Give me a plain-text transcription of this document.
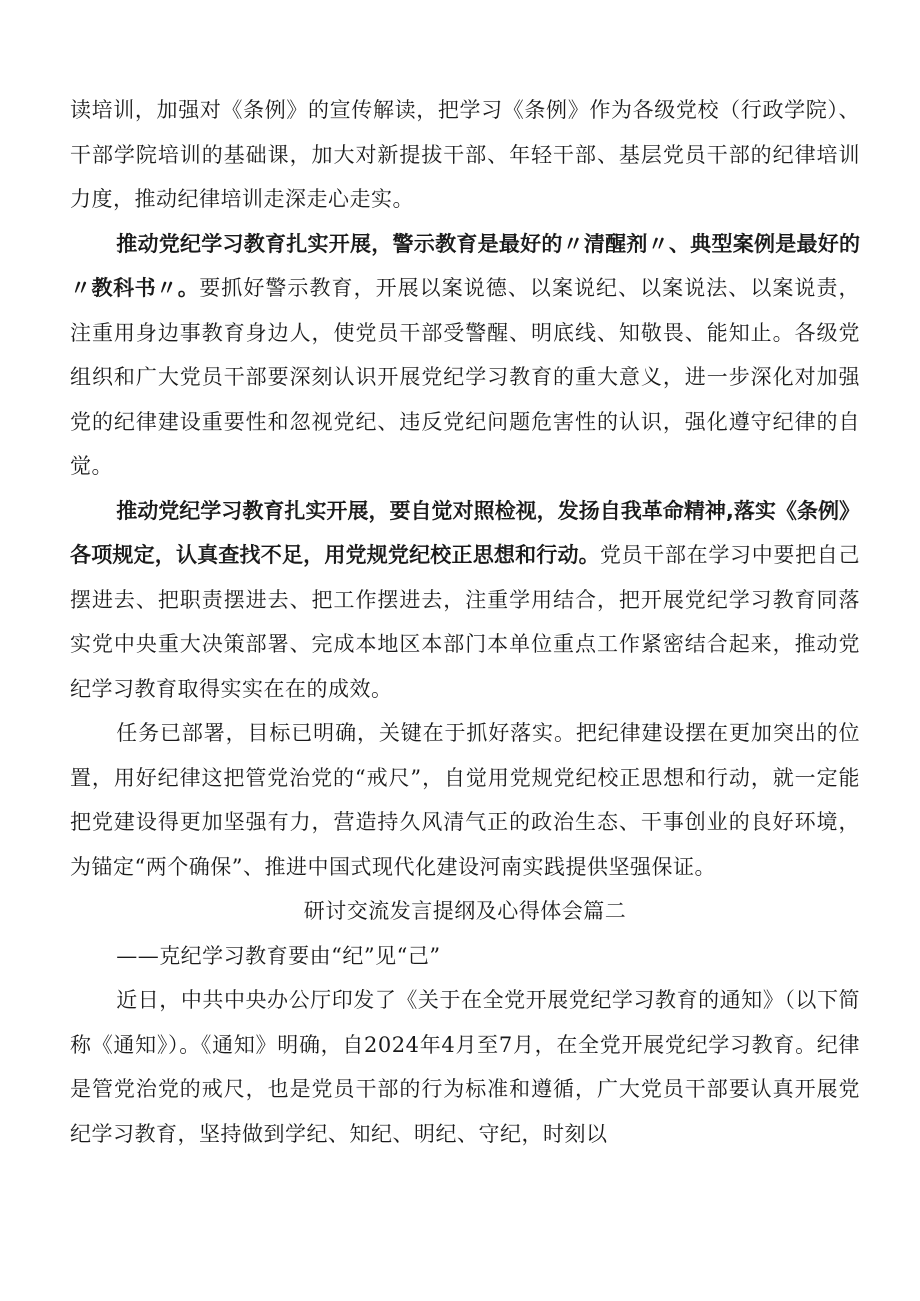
读培训，加强对《条例》的宣传解读，把学习《条例》作为各级党校（行政学院）、干部学院培训的基础课，加大对新提拔干部、年轻干部、基层党员干部的纪律培训力度，推动纪律培训走深走心走实。

推动党纪学习教育扎实开展，警示教育是最好的〃清醒剂〃、典型案例是最好的〃教科书〃。要抓好警示教育，开展以案说德、以案说纪、以案说法、以案说责，注重用身边事教育身边人，使党员干部受警醒、明底线、知敬畏、能知止。各级党组织和广大党员干部要深刻认识开展党纪学习教育的重大意义，进一步深化对加强党的纪律建设重要性和忽视党纪、违反党纪问题危害性的认识，强化遵守纪律的自觉。

推动党纪学习教育扎实开展，要自觉对照检视，发扬自我革命精神,落实《条例》各项规定，认真查找不足，用党规党纪校正思想和行动。党员干部在学习中要把自己摆进去、把职责摆进去、把工作摆进去，注重学用结合，把开展党纪学习教育同落实党中央重大决策部署、完成本地区本部门本单位重点工作紧密结合起来，推动党纪学习教育取得实实在在的成效。

任务已部署，目标已明确，关键在于抓好落实。把纪律建设摆在更加突出的位置，用好纪律这把管党治党的“戒尺”，自觉用党规党纪校正思想和行动，就一定能把党建设得更加坚强有力，营造持久风清气正的政治生态、干事创业的良好环境，为锚定“两个确保”、推进中国式现代化建设河南实践提供坚强保证。

研讨交流发言提纲及心得体会篇二

——克纪学习教育要由“纪”见“己”

近日，中共中央办公厅印发了《关于在全党开展党纪学习教育的通知》（以下简称《通知》）。《通知》明确，自2024年4月至7月，在全党开展党纪学习教育。纪律是管党治党的戒尺，也是党员干部的行为标准和遵循，广大党员干部要认真开展党纪学习教育，坚持做到学纪、知纪、明纪、守纪，时刻以
